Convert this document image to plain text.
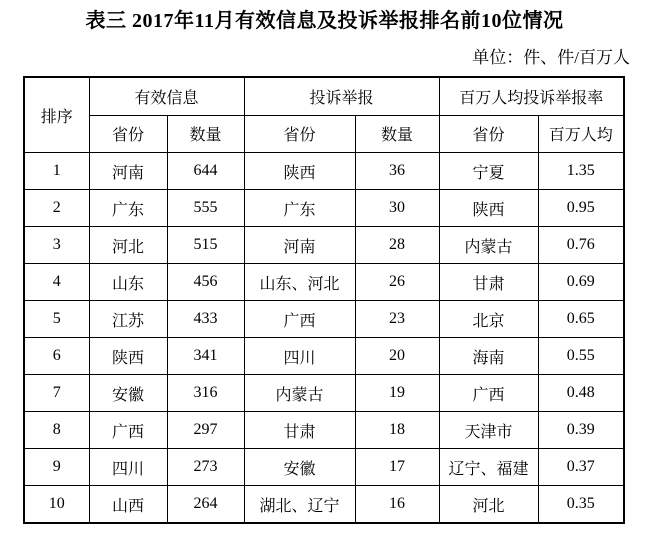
表三 2017年11月有效信息及投诉举报排名前10位情况
单位：件、件/百万人
排序	有效信息		投诉举报		百万人均投诉举报率	
	省份	数量	省份	数量	省份	百万人均
1	河南	644	陕西	36	宁夏	1.35
2	广东	555	广东	30	陕西	0.95
3	河北	515	河南	28	内蒙古	0.76
4	山东	456	山东、河北	26	甘肃	0.69
5	江苏	433	广西	23	北京	0.65
6	陕西	341	四川	20	海南	0.55
7	安徽	316	内蒙古	19	广西	0.48
8	广西	297	甘肃	18	天津市	0.39
9	四川	273	安徽	17	辽宁、福建	0.37
10	山西	264	湖北、辽宁	16	河北	0.35
